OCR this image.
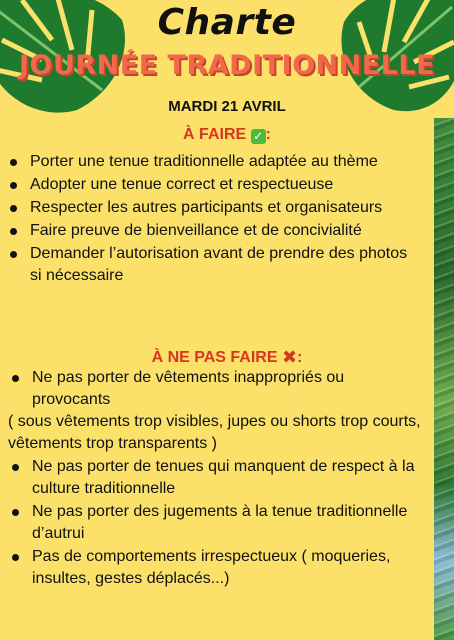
Charte
JOURNÉE TRADITIONNELLE
MARDI 21 AVRIL
À FAIRE ✓ :
Porter une tenue traditionnelle adaptée au thème
Adopter une tenue correct et respectueuse
Respecter les autres participants et organisateurs
Faire preuve de bienveillance et de concivialité
Demander l’autorisation avant de prendre des photos si nécessaire
À NE PAS FAIRE ✖:
Ne pas porter de vêtements inappropriés ou provocants
( sous vêtements trop visibles, jupes ou shorts trop courts, vêtements trop transparents )
Ne pas porter de tenues qui manquent de respect à la culture traditionnelle
Ne pas porter des jugements à la tenue traditionnelle d’autrui
Pas de comportements irrespectueux ( moqueries, insultes, gestes déplacés...)
